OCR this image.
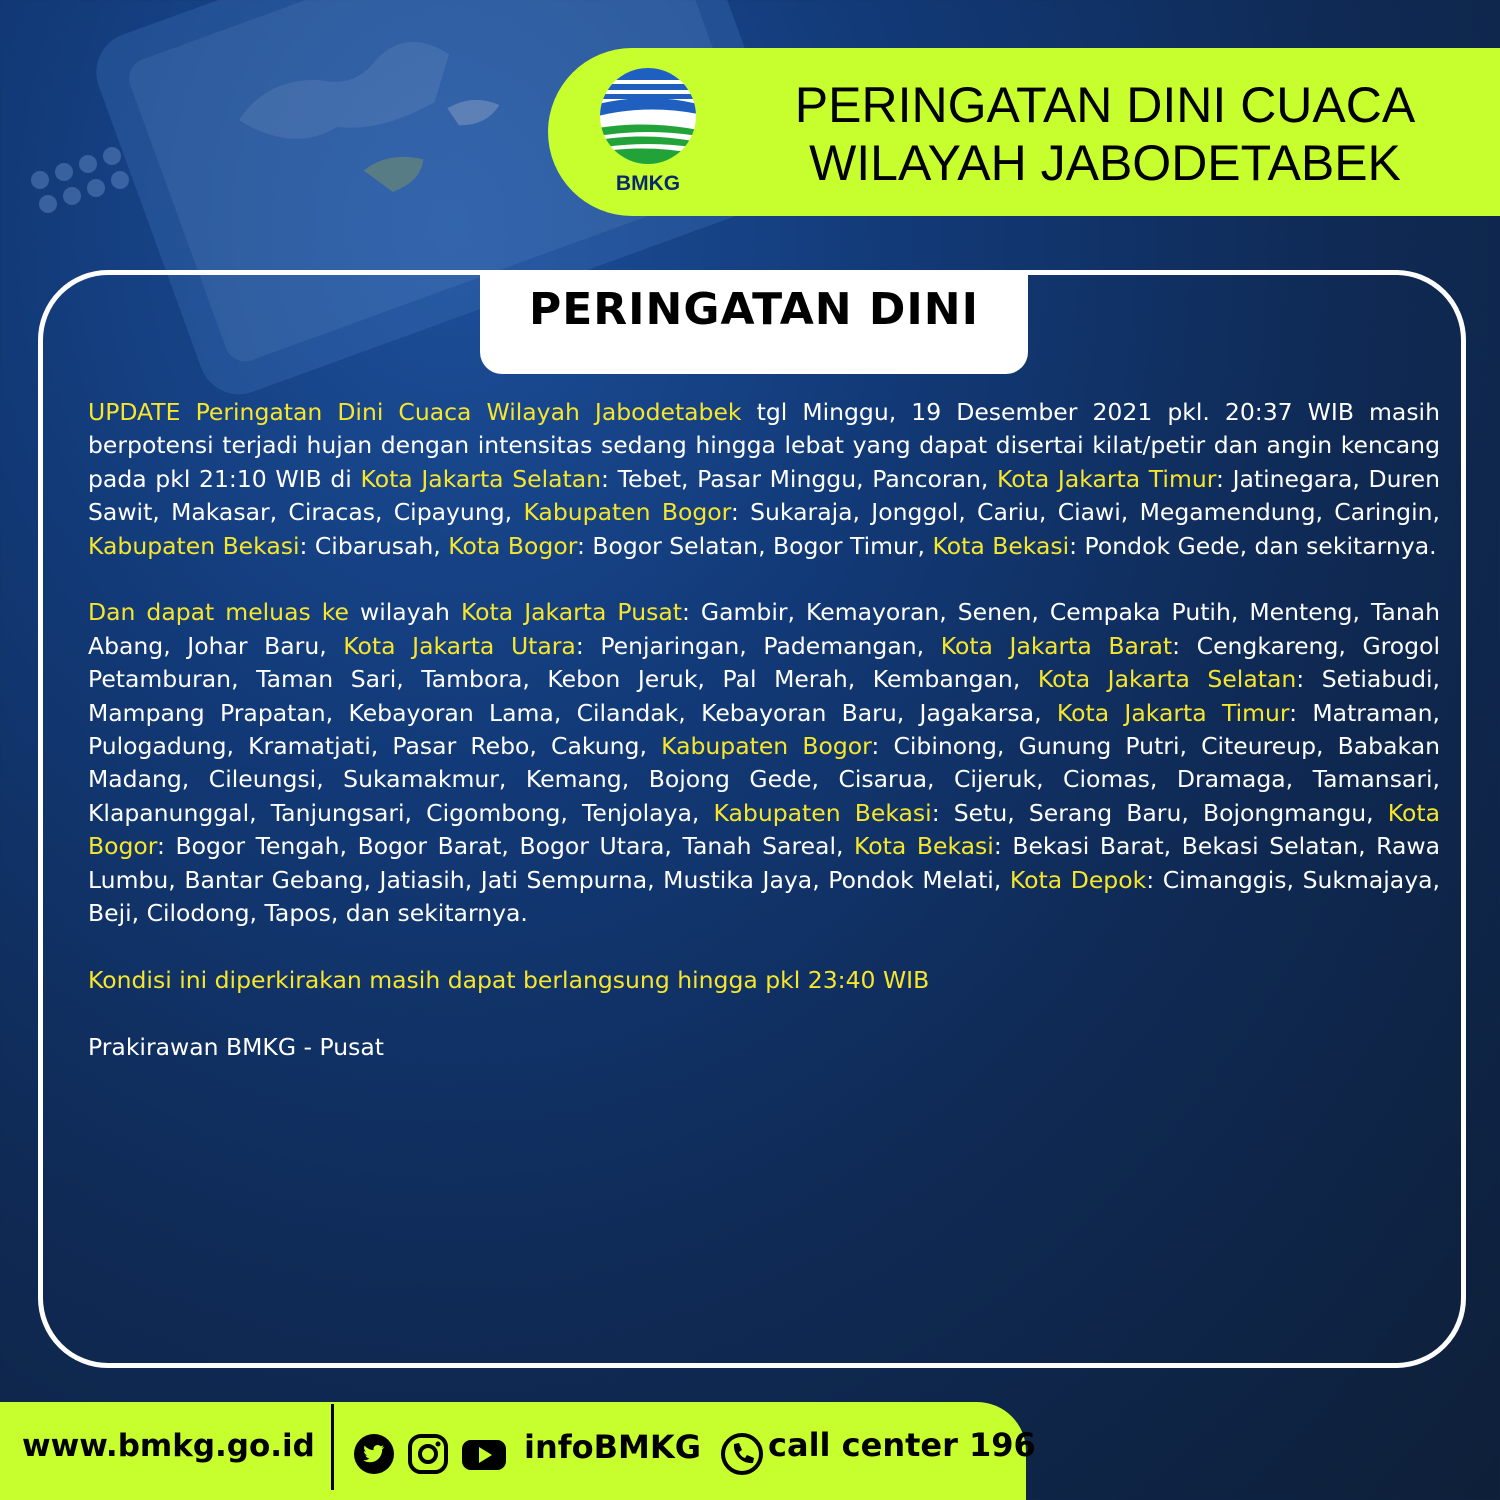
BMKG
PERINGATAN DINI CUACA
WILAYAH JABODETABEK
PERINGATAN DINI

UPDATE Peringatan Dini Cuaca Wilayah Jabodetabek tgl Minggu, 19 Desember 2021 pkl. 20:37 WIB masih berpotensi terjadi hujan dengan intensitas sedang hingga lebat yang dapat disertai kilat/petir dan angin kencang pada pkl 21:10 WIB di Kota Jakarta Selatan: Tebet, Pasar Minggu, Pancoran, Kota Jakarta Timur: Jatinegara, Duren Sawit, Makasar, Ciracas, Cipayung, Kabupaten Bogor: Sukaraja, Jonggol, Cariu, Ciawi, Megamendung, Caringin, Kabupaten Bekasi: Cibarusah, Kota Bogor: Bogor Selatan, Bogor Timur, Kota Bekasi: Pondok Gede, dan sekitarnya.

Dan dapat meluas ke wilayah Kota Jakarta Pusat: Gambir, Kemayoran, Senen, Cempaka Putih, Menteng, Tanah Abang, Johar Baru, Kota Jakarta Utara: Penjaringan, Pademangan, Kota Jakarta Barat: Cengkareng, Grogol Petamburan, Taman Sari, Tambora, Kebon Jeruk, Pal Merah, Kembangan, Kota Jakarta Selatan: Setiabudi, Mampang Prapatan, Kebayoran Lama, Cilandak, Kebayoran Baru, Jagakarsa, Kota Jakarta Timur: Matraman, Pulogadung, Kramatjati, Pasar Rebo, Cakung, Kabupaten Bogor: Cibinong, Gunung Putri, Citeureup, Babakan Madang, Cileungsi, Sukamakmur, Kemang, Bojong Gede, Cisarua, Cijeruk, Ciomas, Dramaga, Tamansari, Klapanunggal, Tanjungsari, Cigombong, Tenjolaya, Kabupaten Bekasi: Setu, Serang Baru, Bojongmangu, Kota Bogor: Bogor Tengah, Bogor Barat, Bogor Utara, Tanah Sareal, Kota Bekasi: Bekasi Barat, Bekasi Selatan, Rawa Lumbu, Bantar Gebang, Jatiasih, Jati Sempurna, Mustika Jaya, Pondok Melati, Kota Depok: Cimanggis, Sukmajaya, Beji, Cilodong, Tapos, dan sekitarnya.

Kondisi ini diperkirakan masih dapat berlangsung hingga pkl 23:40 WIB

Prakirawan BMKG - Pusat

www.bmkg.go.id	infoBMKG call center 196
